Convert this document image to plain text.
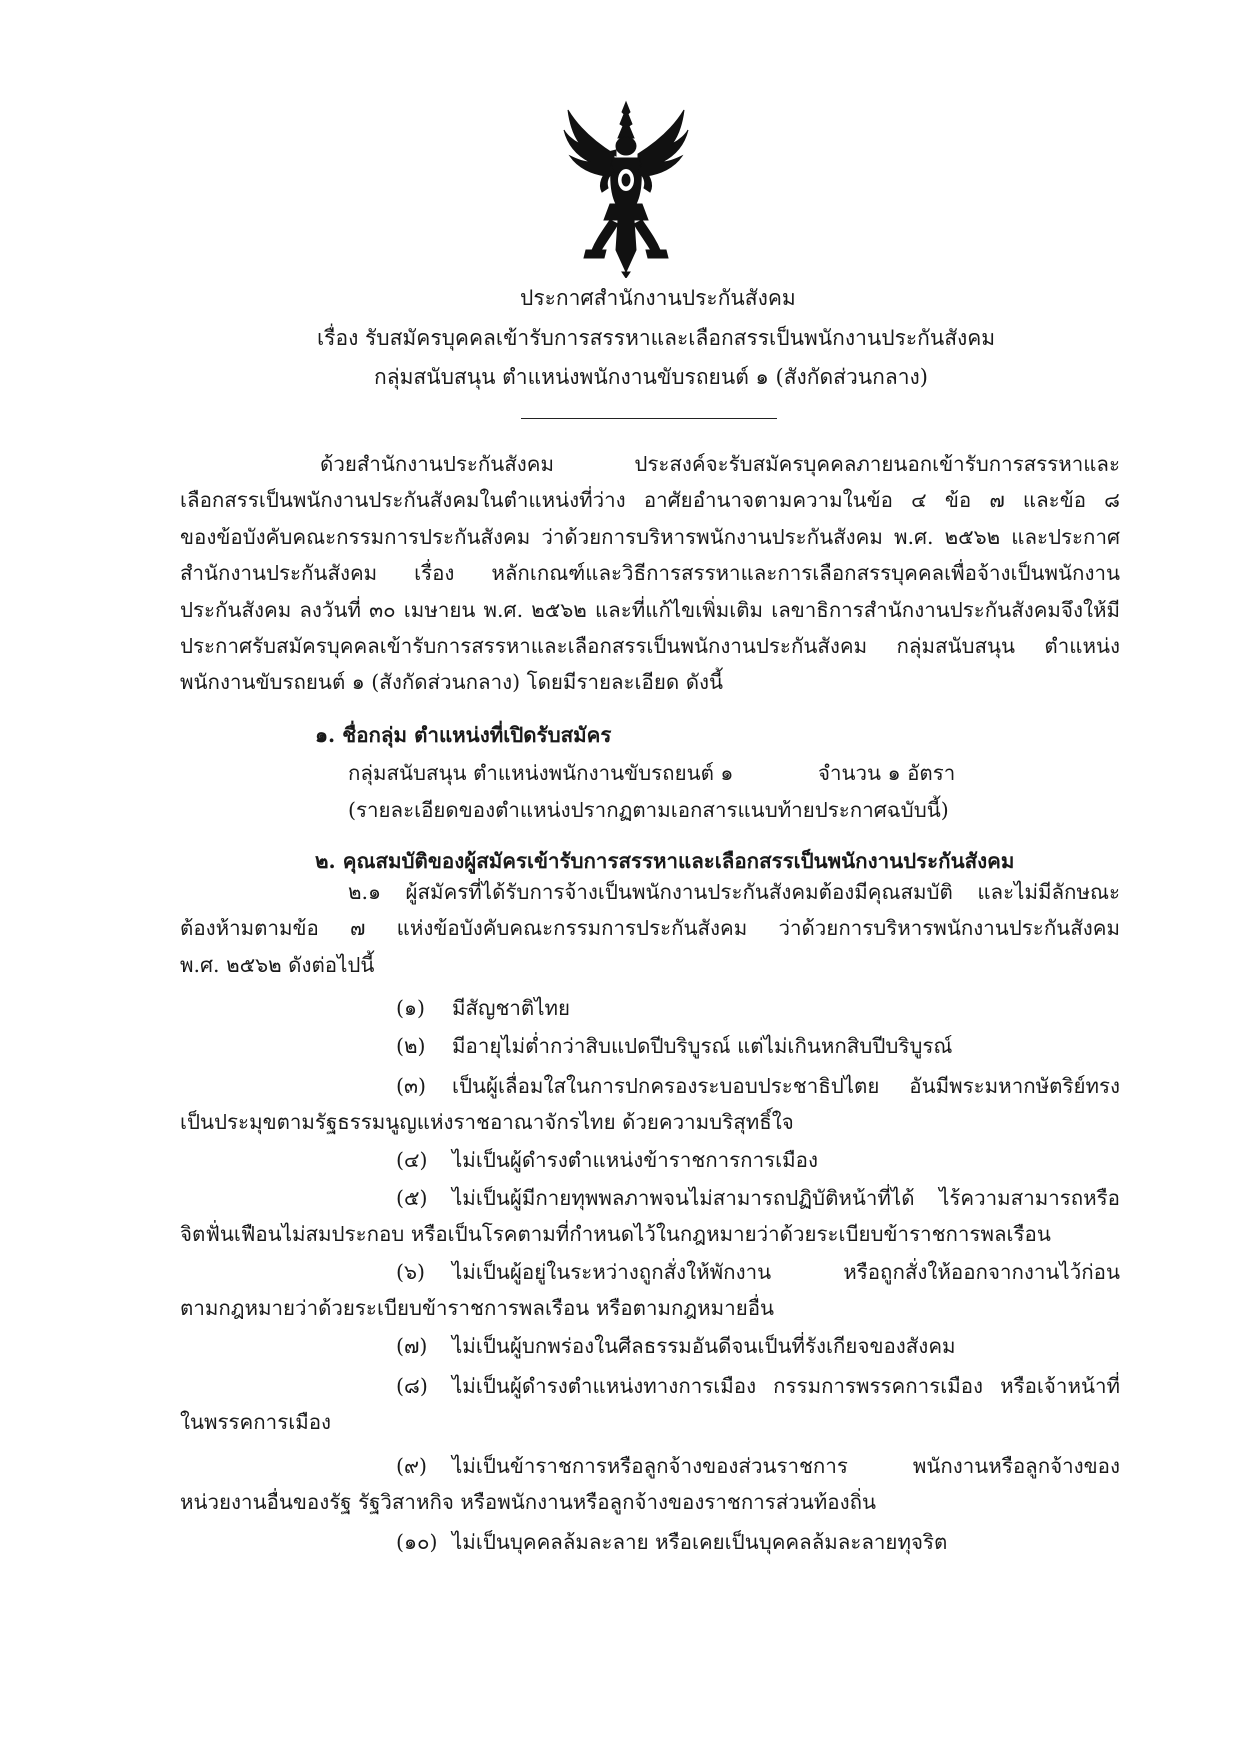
ประกาศสำนักงานประกันสังคม
เรื่อง รับสมัครบุคคลเข้ารับการสรรหาและเลือกสรรเป็นพนักงานประกันสังคม
กลุ่มสนับสนุน ตำแหน่งพนักงานขับรถยนต์ ๑ (สังกัดส่วนกลาง)
ด้วยสำนักงานประกันสังคม ประสงค์จะรับสมัครบุคคลภายนอกเข้ารับการสรรหาและ
เลือกสรรเป็นพนักงานประกันสังคมในตำแหน่งที่ว่าง อาศัยอำนาจตามความในข้อ ๔ ข้อ ๗ และข้อ ๘
ของข้อบังคับคณะกรรมการประกันสังคม ว่าด้วยการบริหารพนักงานประกันสังคม พ.ศ. ๒๕๖๒ และประกาศ
สำนักงานประกันสังคม เรื่อง หลักเกณฑ์และวิธีการสรรหาและการเลือกสรรบุคคลเพื่อจ้างเป็นพนักงาน
ประกันสังคม ลงวันที่ ๓๐ เมษายน พ.ศ. ๒๕๖๒ และที่แก้ไขเพิ่มเติม เลขาธิการสำนักงานประกันสังคมจึงให้มี
ประกาศรับสมัครบุคคลเข้ารับการสรรหาและเลือกสรรเป็นพนักงานประกันสังคม กลุ่มสนับสนุน ตำแหน่ง
พนักงานขับรถยนต์ ๑ (สังกัดส่วนกลาง) โดยมีรายละเอียด ดังนี้
๑. ชื่อกลุ่ม ตำแหน่งที่เปิดรับสมัคร
กลุ่มสนับสนุน ตำแหน่งพนักงานขับรถยนต์ ๑	จำนวน ๑ อัตรา
(รายละเอียดของตำแหน่งปรากฏตามเอกสารแนบท้ายประกาศฉบับนี้)
๒. คุณสมบัติของผู้สมัครเข้ารับการสรรหาและเลือกสรรเป็นพนักงานประกันสังคม
๒.๑ ผู้สมัครที่ได้รับการจ้างเป็นพนักงานประกันสังคมต้องมีคุณสมบัติ และไม่มีลักษณะ
ต้องห้ามตามข้อ ๗ แห่งข้อบังคับคณะกรรมการประกันสังคม ว่าด้วยการบริหารพนักงานประกันสังคม
พ.ศ. ๒๕๖๒ ดังต่อไปนี้
(๑) มีสัญชาติไทย
(๒) มีอายุไม่ต่ำกว่าสิบแปดปีบริบูรณ์ แต่ไม่เกินหกสิบปีบริบูรณ์
(๓) เป็นผู้เลื่อมใสในการปกครองระบอบประชาธิปไตย อันมีพระมหากษัตริย์ทรง
เป็นประมุขตามรัฐธรรมนูญแห่งราชอาณาจักรไทย ด้วยความบริสุทธิ์ใจ
(๔) ไม่เป็นผู้ดำรงตำแหน่งข้าราชการการเมือง
(๕) ไม่เป็นผู้มีกายทุพพลภาพจนไม่สามารถปฏิบัติหน้าที่ได้ ไร้ความสามารถหรือ
จิตฟั่นเฟือนไม่สมประกอบ หรือเป็นโรคตามที่กำหนดไว้ในกฎหมายว่าด้วยระเบียบข้าราชการพลเรือน
(๖) ไม่เป็นผู้อยู่ในระหว่างถูกสั่งให้พักงาน หรือถูกสั่งให้ออกจากงานไว้ก่อน
ตามกฎหมายว่าด้วยระเบียบข้าราชการพลเรือน หรือตามกฎหมายอื่น
(๗) ไม่เป็นผู้บกพร่องในศีลธรรมอันดีจนเป็นที่รังเกียจของสังคม
(๘) ไม่เป็นผู้ดำรงตำแหน่งทางการเมือง กรรมการพรรคการเมือง หรือเจ้าหน้าที่
ในพรรคการเมือง
(๙) ไม่เป็นข้าราชการหรือลูกจ้างของส่วนราชการ พนักงานหรือลูกจ้างของ
หน่วยงานอื่นของรัฐ รัฐวิสาหกิจ หรือพนักงานหรือลูกจ้างของราชการส่วนท้องถิ่น
(๑๐) ไม่เป็นบุคคลล้มละลาย หรือเคยเป็นบุคคลล้มละลายทุจริต
